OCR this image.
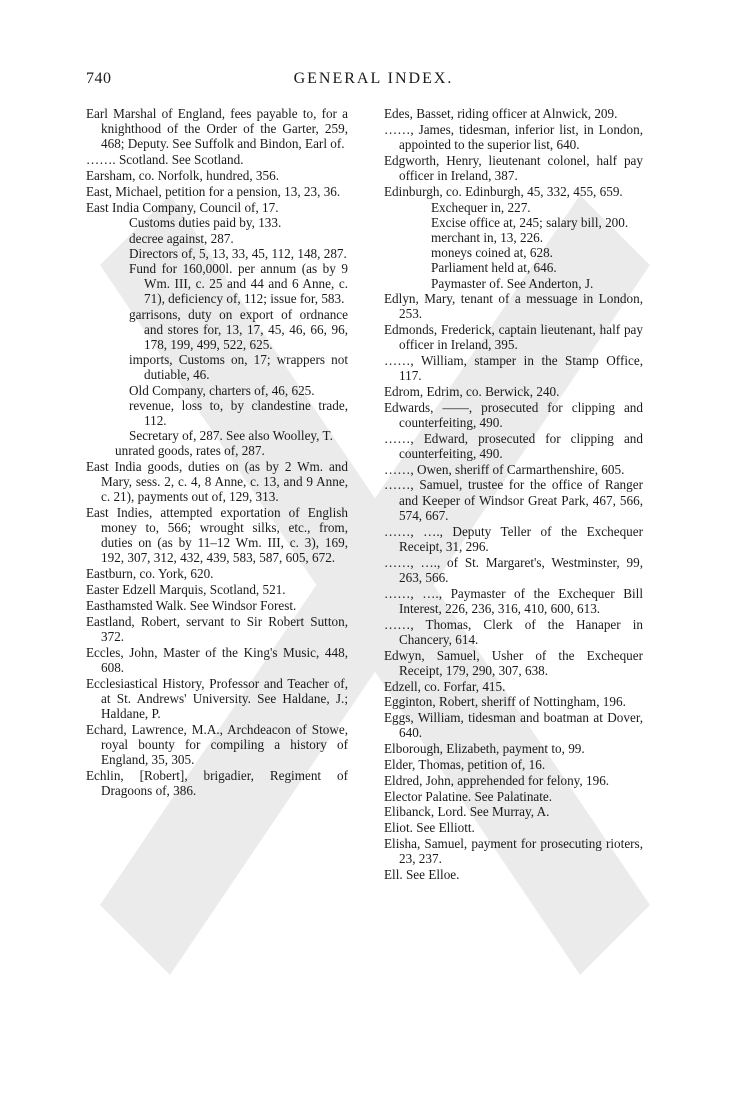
740	GENERAL INDEX.
Earl Marshal of England, fees payable to, for a knighthood of the Order of the Garter, 259, 468; Deputy. See Suffolk and Bindon, Earl of.
……. Scotland. See Scotland.
Earsham, co. Norfolk, hundred, 356.
East, Michael, petition for a pension, 13, 23, 36.
East India Company, Council of, 17.
Customs duties paid by, 133.
decree against, 287.
Directors of, 5, 13, 33, 45, 112, 148, 287.
Fund for 160,000l. per annum (as by 9 Wm. III, c. 25 and 44 and 6 Anne, c. 71), deficiency of, 112; issue for, 583.
garrisons, duty on export of ordnance and stores for, 13, 17, 45, 46, 66, 96, 178, 199, 499, 522, 625.
imports, Customs on, 17; wrappers not dutiable, 46.
Old Company, charters of, 46, 625.
revenue, loss to, by clandestine trade, 112.
Secretary of, 287. See also Woolley, T.
unrated goods, rates of, 287.
East India goods, duties on (as by 2 Wm. and Mary, sess. 2, c. 4, 8 Anne, c. 13, and 9 Anne, c. 21), payments out of, 129, 313.
East Indies, attempted exportation of English money to, 566; wrought silks, etc., from, duties on (as by 11–12 Wm. III, c. 3), 169, 192, 307, 312, 432, 439, 583, 587, 605, 672.
Eastburn, co. York, 620.
Easter Edzell Marquis, Scotland, 521.
Easthamsted Walk. See Windsor Forest.
Eastland, Robert, servant to Sir Robert Sutton, 372.
Eccles, John, Master of the King's Music, 448, 608.
Ecclesiastical History, Professor and Teacher of, at St. Andrews' University. See Haldane, J.; Haldane, P.
Echard, Lawrence, M.A., Archdeacon of Stowe, royal bounty for compiling a history of England, 35, 305.
Echlin, [Robert], brigadier, Regiment of Dragoons of, 386.
Edes, Basset, riding officer at Alnwick, 209.
……, James, tidesman, inferior list, in London, appointed to the superior list, 640.
Edgworth, Henry, lieutenant colonel, half pay officer in Ireland, 387.
Edinburgh, co. Edinburgh, 45, 332, 455, 659.
Exchequer in, 227.
Excise office at, 245; salary bill, 200.
merchant in, 13, 226.
moneys coined at, 628.
Parliament held at, 646.
Paymaster of. See Anderton, J.
Edlyn, Mary, tenant of a messuage in London, 253.
Edmonds, Frederick, captain lieutenant, half pay officer in Ireland, 395.
……, William, stamper in the Stamp Office, 117.
Edrom, Edrim, co. Berwick, 240.
Edwards, ——, prosecuted for clipping and counterfeiting, 490.
……, Edward, prosecuted for clipping and counterfeiting, 490.
……, Owen, sheriff of Carmarthenshire, 605.
……, Samuel, trustee for the office of Ranger and Keeper of Windsor Great Park, 467, 566, 574, 667.
……, …., Deputy Teller of the Exchequer Receipt, 31, 296.
……, …., of St. Margaret's, Westminster, 99, 263, 566.
……, …., Paymaster of the Exchequer Bill Interest, 226, 236, 316, 410, 600, 613.
……, Thomas, Clerk of the Hanaper in Chancery, 614.
Edwyn, Samuel, Usher of the Exchequer Receipt, 179, 290, 307, 638.
Edzell, co. Forfar, 415.
Egginton, Robert, sheriff of Nottingham, 196.
Eggs, William, tidesman and boatman at Dover, 640.
Elborough, Elizabeth, payment to, 99.
Elder, Thomas, petition of, 16.
Eldred, John, apprehended for felony, 196.
Elector Palatine. See Palatinate.
Elibanck, Lord. See Murray, A.
Eliot. See Elliott.
Elisha, Samuel, payment for prosecuting rioters, 23, 237.
Ell. See Elloe.
